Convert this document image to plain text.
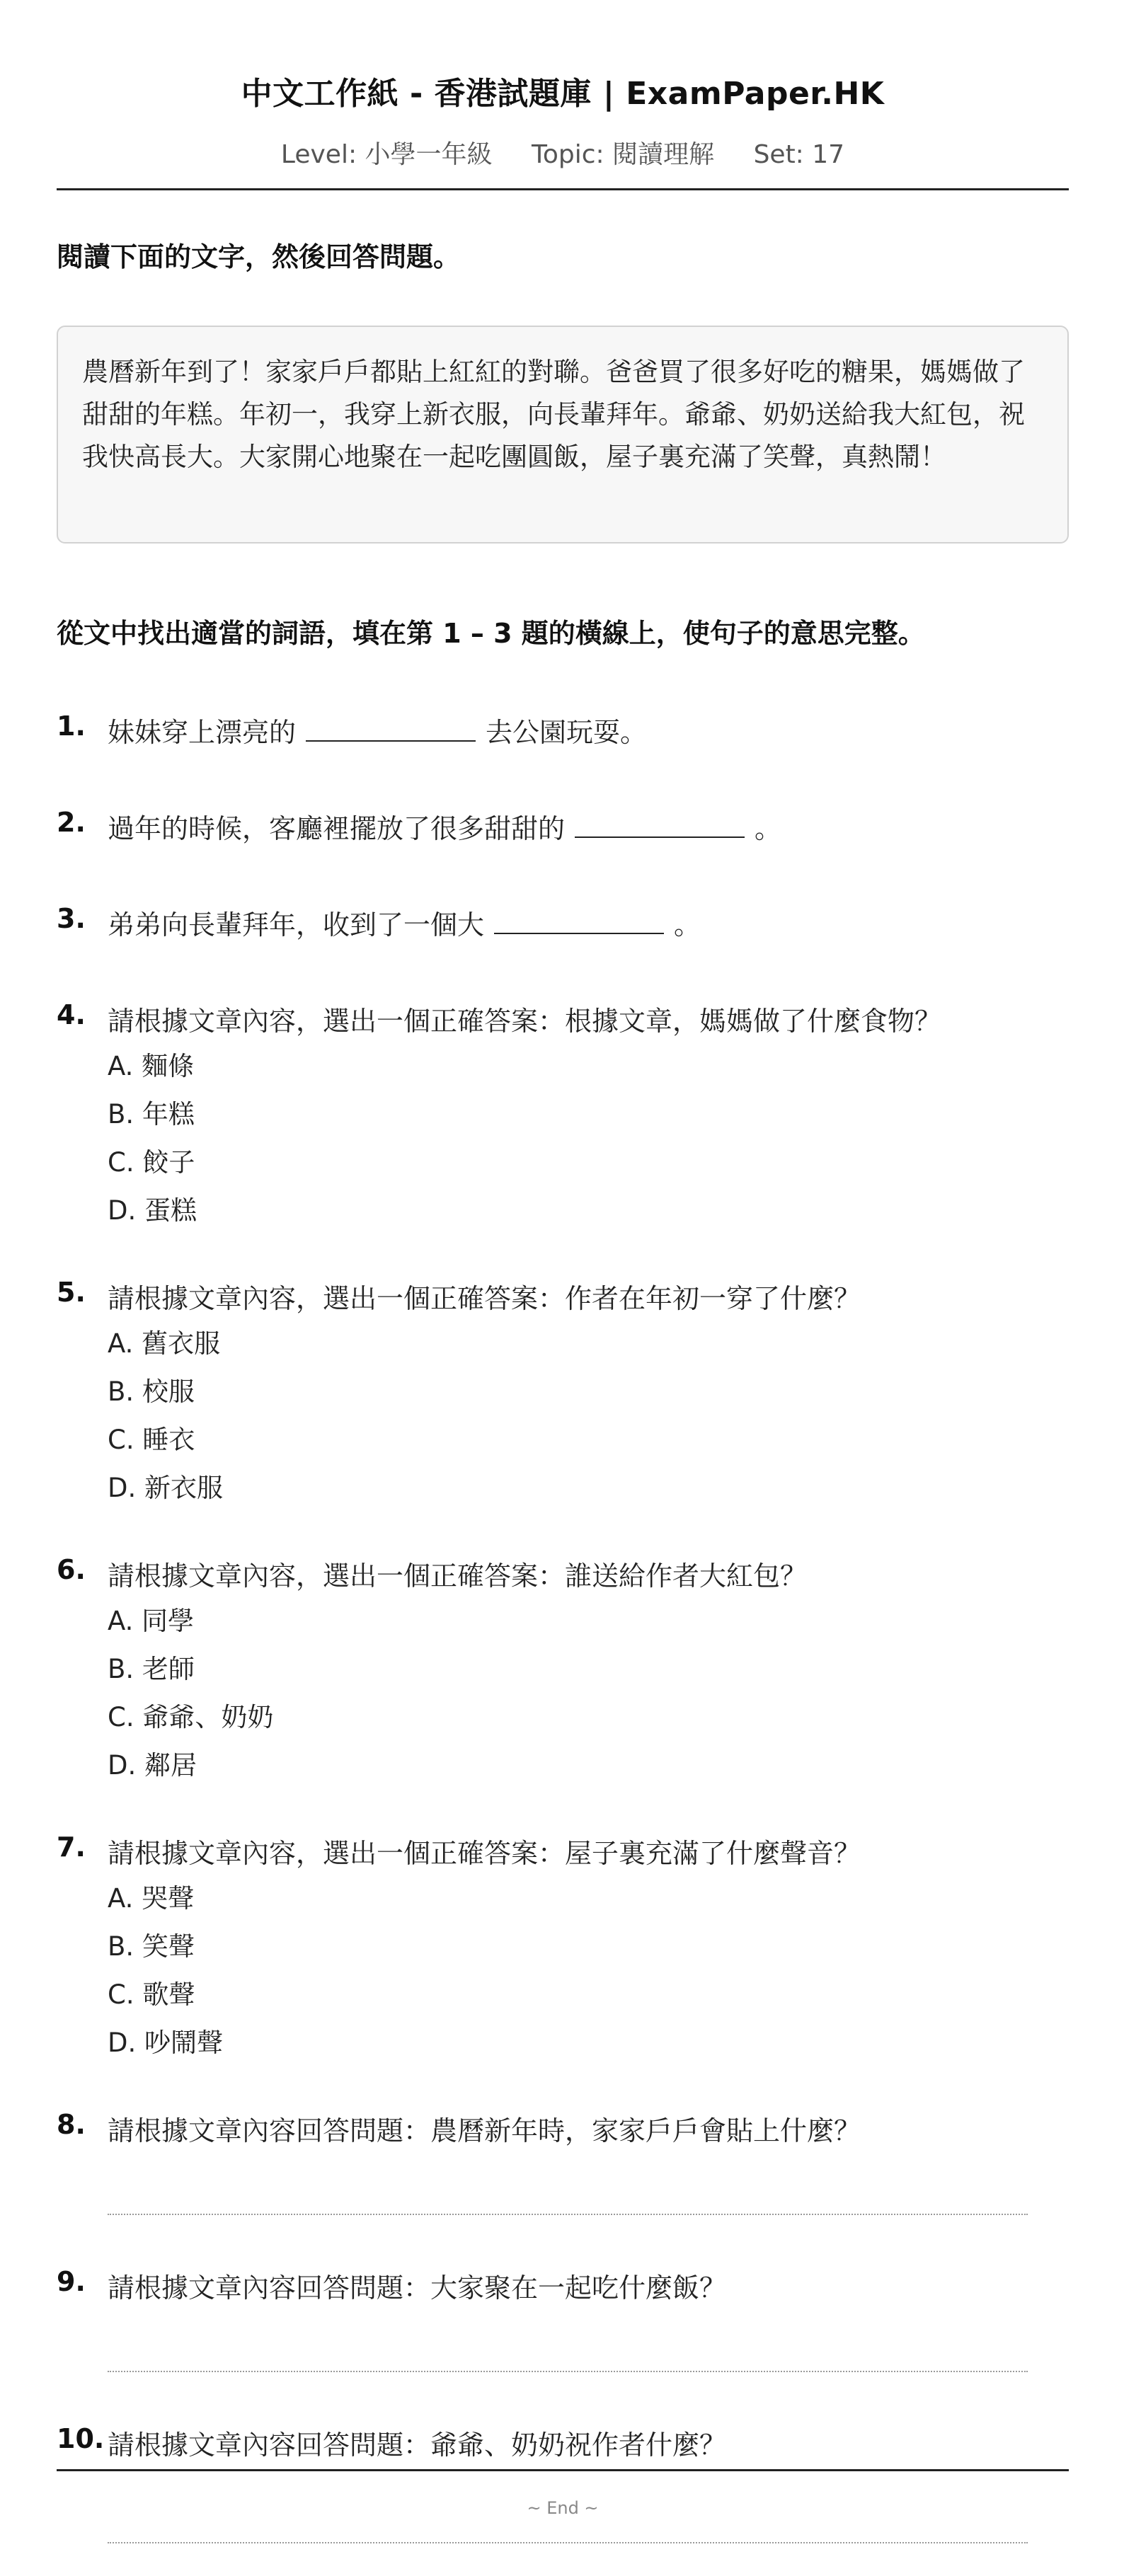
中文工作紙 - 香港試題庫 | ExamPaper.HK
Level: 小學一年級 Topic: 閱讀理解 Set: 17
閱讀下面的文字，然後回答問題。
農曆新年到了！家家戶戶都貼上紅紅的對聯。爸爸買了很多好吃的糖果，媽媽做了甜甜的年糕。年初一，我穿上新衣服，向長輩拜年。爺爺、奶奶送給我大紅包，祝我快高長大。大家開心地聚在一起吃團圓飯，屋子裏充滿了笑聲，真熱鬧！
從文中找出適當的詞語，填在第 1 – 3 題的橫線上，使句子的意思完整。
1. 妹妹穿上漂亮的	去公園玩耍。
2. 過年的時候，客廳裡擺放了很多甜甜的	。
3. 弟弟向長輩拜年，收到了一個大	。
4. 請根據文章內容，選出一個正確答案：根據文章，媽媽做了什麼食物？
A. 麵條
B. 年糕
C. 餃子
D. 蛋糕
5. 請根據文章內容，選出一個正確答案：作者在年初一穿了什麼？
A. 舊衣服
B. 校服
C. 睡衣
D. 新衣服
6. 請根據文章內容，選出一個正確答案：誰送給作者大紅包？
A. 同學
B. 老師
C. 爺爺、奶奶
D. 鄰居
7. 請根據文章內容，選出一個正確答案：屋子裏充滿了什麼聲音？
A. 哭聲
B. 笑聲
C. 歌聲
D. 吵鬧聲
8. 請根據文章內容回答問題：農曆新年時，家家戶戶會貼上什麼？
9. 請根據文章內容回答問題：大家聚在一起吃什麼飯？
10. 請根據文章內容回答問題：爺爺、奶奶祝作者什麼？
~ End ~
